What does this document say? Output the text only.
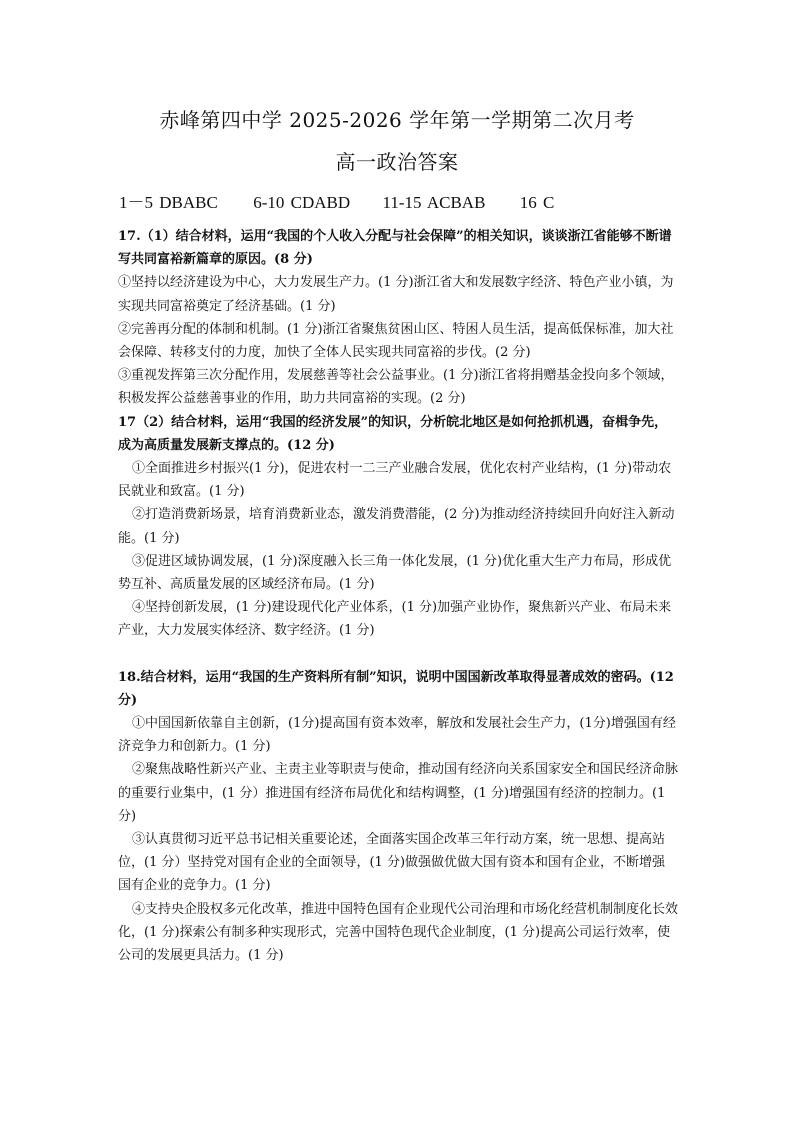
赤峰第四中学 2025-2026 学年第一学期第二次月考
高一政治答案
1－5 DBABC 6-10 CDABD 11-15 ACBAB 16 C

17.（1）结合材料，运用“我国的个人收入分配与社会保障”的相关知识，谈谈浙江省能够不断谱写共同富裕新篇章的原因。(8 分)

①坚持以经济建设为中心，大力发展生产力。(1 分)浙江省大和发展数字经济、特色产业小镇，为实现共同富裕奠定了经济基础。(1 分)

②完善再分配的体制和机制。(1 分)浙江省聚焦贫困山区、特困人员生活，提高低保标准，加大社会保障、转移支付的力度，加快了全体人民实现共同富裕的步伐。(2 分)

③重视发挥第三次分配作用，发展慈善等社会公益事业。(1 分)浙江省将捐赠基金投向多个领域，积极发挥公益慈善事业的作用，助力共同富裕的实现。(2 分)

17（2）结合材料，运用“我国的经济发展”的知识，分析皖北地区是如何抢抓机遇，奋楫争先，成为高质量发展新支撑点的。(12 分)

①全面推进乡村振兴(1 分)，促进农村一二三产业融合发展，优化农村产业结构，(1 分)带动农民就业和致富。(1 分)

②打造消费新场景，培育消费新业态，激发消费潜能，(2 分)为推动经济持续回升向好注入新动能。(1 分)

③促进区域协调发展，(1 分)深度融入长三角一体化发展，(1 分)优化重大生产力布局，形成优势互补、高质量发展的区域经济布局。(1 分)

④坚持创新发展，(1 分)建设现代化产业体系，(1 分)加强产业协作，聚焦新兴产业、布局未来产业，大力发展实体经济、数字经济。(1 分)

18.结合材料，运用“我国的生产资料所有制”知识，说明中国国新改革取得显著成效的密码。(12 分)

①中国国新依靠自主创新，(1分)提高国有资本效率，解放和发展社会生产力，(1分)增强国有经济竞争力和创新力。(1 分)

②聚焦战略性新兴产业、主责主业等职责与使命，推动国有经济向关系国家安全和国民经济命脉的重要行业集中，(1 分）推进国有经济布局优化和结构调整，(1 分)增强国有经济的控制力。(1 分)

③认真贯彻习近平总书记相关重要论述，全面落实国企改革三年行动方案，统一思想、提高站位，(1 分）坚持党对国有企业的全面领导，(1 分)做强做优做大国有资本和国有企业，不断增强国有企业的竞争力。(1 分)

④支持央企股权多元化改革，推进中国特色国有企业现代公司治理和市场化经营机制制度化长效化，(1 分)探索公有制多种实现形式，完善中国特色现代企业制度，(1 分)提高公司运行效率，使公司的发展更具活力。(1 分)
